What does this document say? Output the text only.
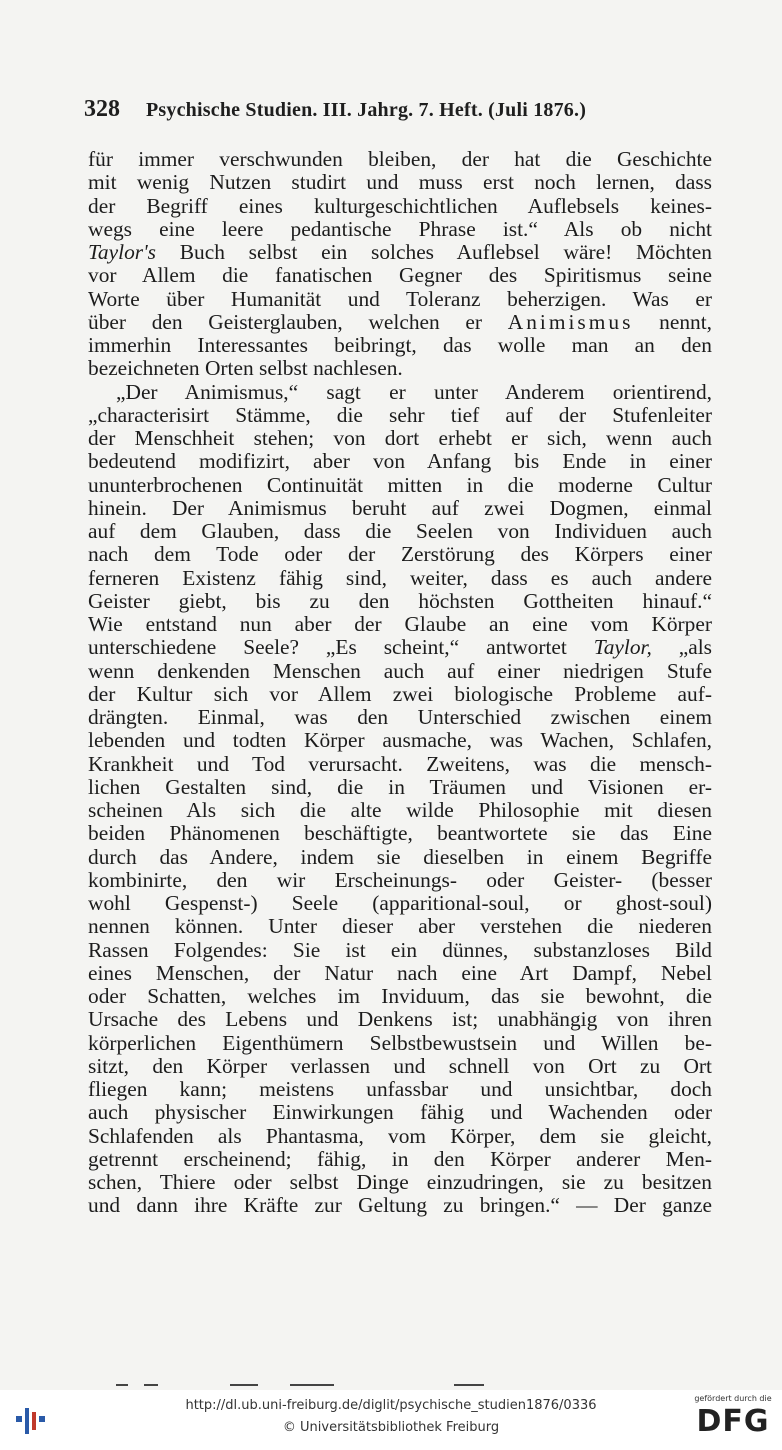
328 Psychische Studien. III. Jahrg. 7. Heft. (Juli 1876.)
für immer verschwunden bleiben, der hat die Geschichte
mit wenig Nutzen studirt und muss erst noch lernen, dass
der Begriff eines kulturgeschichtlichen Auflebsels keines-
wegs eine leere pedantische Phrase ist.“ Als ob nicht
Taylor's Buch selbst ein solches Auflebsel wäre! Möchten
vor Allem die fanatischen Gegner des Spiritismus seine
Worte über Humanität und Toleranz beherzigen. Was er
über den Geisterglauben, welchen er Animismus nennt,
immerhin Interessantes beibringt, das wolle man an den
bezeichneten Orten selbst nachlesen.
„Der Animismus,“ sagt er unter Anderem orientirend,
„characterisirt Stämme, die sehr tief auf der Stufenleiter
der Menschheit stehen; von dort erhebt er sich, wenn auch
bedeutend modifizirt, aber von Anfang bis Ende in einer
ununterbrochenen Continuität mitten in die moderne Cultur
hinein. Der Animismus beruht auf zwei Dogmen, einmal
auf dem Glauben, dass die Seelen von Individuen auch
nach dem Tode oder der Zerstörung des Körpers einer
ferneren Existenz fähig sind, weiter, dass es auch andere
Geister giebt, bis zu den höchsten Gottheiten hinauf.“
Wie entstand nun aber der Glaube an eine vom Körper
unterschiedene Seele? „Es scheint,“ antwortet Taylor, „als
wenn denkenden Menschen auch auf einer niedrigen Stufe
der Kultur sich vor Allem zwei biologische Probleme auf-
drängten. Einmal, was den Unterschied zwischen einem
lebenden und todten Körper ausmache, was Wachen, Schlafen,
Krankheit und Tod verursacht. Zweitens, was die mensch-
lichen Gestalten sind, die in Träumen und Visionen er-
scheinen Als sich die alte wilde Philosophie mit diesen
beiden Phänomenen beschäftigte, beantwortete sie das Eine
durch das Andere, indem sie dieselben in einem Begriffe
kombinirte, den wir Erscheinungs- oder Geister- (besser
wohl Gespenst-) Seele (apparitional-soul, or ghost-soul)
nennen können. Unter dieser aber verstehen die niederen
Rassen Folgendes: Sie ist ein dünnes, substanzloses Bild
eines Menschen, der Natur nach eine Art Dampf, Nebel
oder Schatten, welches im Inviduum, das sie bewohnt, die
Ursache des Lebens und Denkens ist; unabhängig von ihren
körperlichen Eigenthümern Selbstbewustsein und Willen be-
sitzt, den Körper verlassen und schnell von Ort zu Ort
fliegen kann; meistens unfassbar und unsichtbar, doch
auch physischer Einwirkungen fähig und Wachenden oder
Schlafenden als Phantasma, vom Körper, dem sie gleicht,
getrennt erscheinend; fähig, in den Körper anderer Men-
schen, Thiere oder selbst Dinge einzudringen, sie zu besitzen
und dann ihre Kräfte zur Geltung zu bringen.“ — Der ganze
http://dl.ub.uni-freiburg.de/diglit/psychische_studien1876/0336
© Universitätsbibliothek Freiburg
gefördert durch die
DFG
